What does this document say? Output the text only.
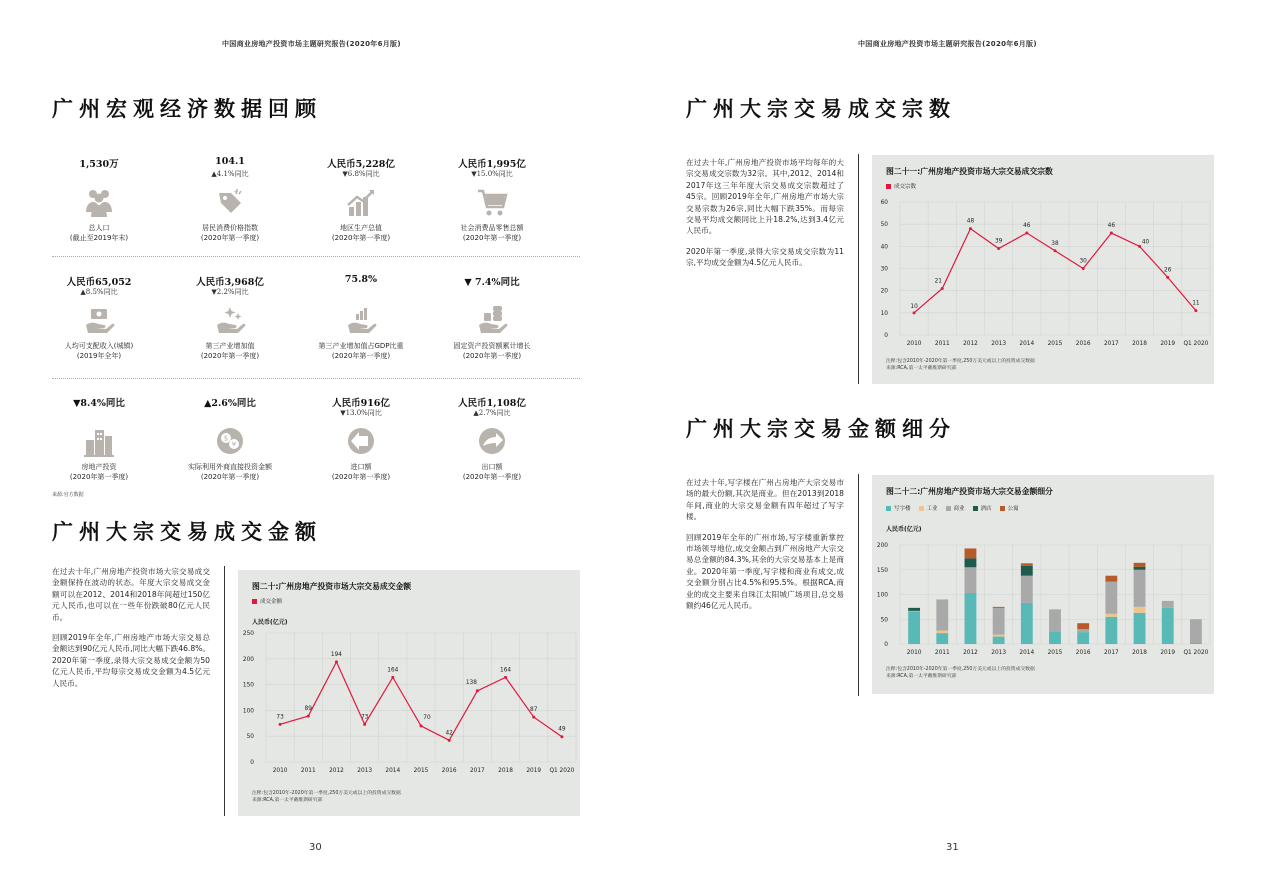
中国商业房地产投资市场主题研究报告(2020年6月版)
广州宏观经济数据回顾
1,530万
总人口
(截止至2019年末)
104.1
▲4.1%同比
居民消费价格指数
(2020年第一季度)
人民币5,228亿
▼6.8%同比
地区生产总值
(2020年第一季度)
人民币1,995亿
▼15.0%同比
社会消费品零售总额
(2020年第一季度)
人民币65,052
▲8.5%同比
人均可支配收入(城镇)
(2019年全年)
人民币3,968亿
▼2.2%同比
第三产业增加值
(2020年第一季度)
75.8%
第三产业增加值占GDP比重
(2020年第一季度)
▼ 7.4%同比
固定资产投资额累计增长
(2020年第一季度)
▼8.4%同比
房地产投资
(2020年第一季度)
▲2.6%同比
$
¥
实际利用外商直接投资金额
(2020年第一季度)
人民币916亿
▼13.0%同比
进口额
(2020年第一季度)
人民币1,108亿
▲2.7%同比
出口额
(2020年第一季度)
来源:官方数据
广州大宗交易成交金额

在过去十年,广州房地产投资市场大宗交易成交金额保持在波动的状态。年度大宗交易成交金额可以在2012、2014和2018年间超过150亿元人民币,也可以在一些年份跌破80亿元人民币。

回顾2019年全年,广州房地产市场大宗交易总金额达到90亿元人民币,同比大幅下跌46.8%。2020年第一季度,录得大宗交易成交金额为50亿元人民币,平均每宗交易成交金额为4.5亿元人民币。

图二十:广州房地产投资市场大宗交易成交金额
成交金额
人民币(亿元)
0
50
100
150
200
250
2010 2011 2012 2013 2014 2015 2016 2017 2018 2019 Q1 2020
73
89
194
73
164
70
42
138
164
87
49
注释:包含2010年-2020年第一季度,250万美元或以上的投资成交数据
来源:RCA,第一太平戴维斯研究部
30
中国商业房地产投资市场主题研究报告(2020年6月版)
广州大宗交易成交宗数

在过去十年,广州房地产投资市场平均每年的大宗交易成交宗数为32宗。其中,2012、2014和2017年这三年年度大宗交易成交宗数超过了45宗。回顾2019年全年,广州房地产市场大宗交易宗数为26宗,同比大幅下跌35%。而每宗交易平均成交额同比上升18.2%,达到3.4亿元人民币。

2020年第一季度,录得大宗交易成交宗数为11宗,平均成交金额为4.5亿元人民币。

图二十一:广州房地产投资市场大宗交易成交宗数
成交宗数
0
10
20
30
40
50
60
2010 2011 2012 2013 2014 2015 2016 2017 2018 2019 Q1 2020
10
21
48
39
46
38
30
46
40
26
11
注释:包含2010年-2020年第一季度,250万美元或以上的投资成交数据
来源:RCA,第一太平戴维斯研究部
广州大宗交易金额细分

在过去十年,写字楼在广州占房地产大宗交易市场的最大份额,其次是商业。但在2013到2018年间,商业的大宗交易金额有四年超过了写字楼。

回顾2019年全年的广州市场,写字楼重新掌控市场领导地位,成交金额占到广州房地产大宗交易总金额的84.3%,其余的大宗交易基本上是商业。2020年第一季度,写字楼和商业有成交,成交金额分别占比4.5%和95.5%。根据RCA,商业的成交主要来自珠江太阳城广场项目,总交易额约46亿元人民币。

图二十二:广州房地产投资市场大宗交易金额细分
写字楼	工业	商业	酒店	公寓
人民币(亿元)
0
50
100
150
200
2010 2011 2012 2013 2014 2015 2016 2017 2018 2019 Q1 2020
注释:包含2010年-2020年第一季度,250万美元或以上的投资成交数据
来源:RCA,第一太平戴维斯研究部
31
